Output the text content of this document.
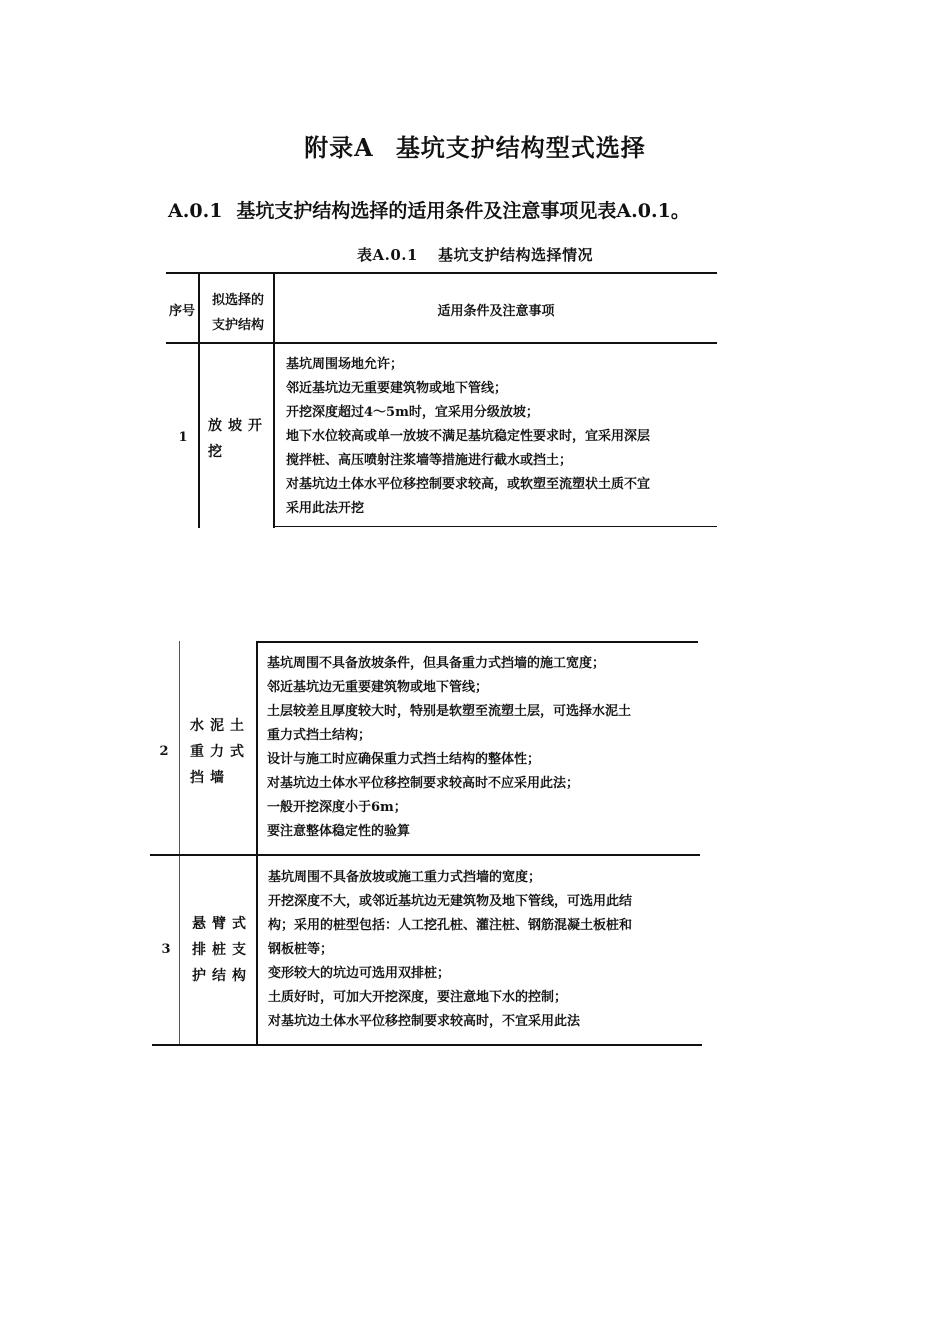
附录A 基坑支护结构型式选择

A.0.1 基坑支护结构选择的适用条件及注意事项见表A.0.1。

表A.0.1 基坑支护结构选择情况

序号
拟选择的
支护结构
适用条件及注意事项
1
放坡开
挖
基坑周围场地允许；
邻近基坑边无重要建筑物或地下管线；
开挖深度超过4～5m时，宜采用分级放坡；
地下水位较高或单一放坡不满足基坑稳定性要求时，宜采用深层
搅拌桩、高压喷射注浆墙等措施进行截水或挡土；
对基坑边土体水平位移控制要求较高，或软塑至流塑状土质不宜
采用此法开挖
2
水泥土
重力式
挡墙
基坑周围不具备放坡条件，但具备重力式挡墙的施工宽度；
邻近基坑边无重要建筑物或地下管线；
土层较差且厚度较大时，特别是软塑至流塑土层，可选择水泥土
重力式挡土结构；
设计与施工时应确保重力式挡土结构的整体性；
对基坑边土体水平位移控制要求较高时不应采用此法；
一般开挖深度小于6m；
要注意整体稳定性的验算
3
悬臂式
排桩支
护结构
基坑周围不具备放坡或施工重力式挡墙的宽度；
开挖深度不大，或邻近基坑边无建筑物及地下管线，可选用此结
构；采用的桩型包括：人工挖孔桩、灌注桩、钢筋混凝土板桩和
钢板桩等；
变形较大的坑边可选用双排桩；
土质好时，可加大开挖深度，要注意地下水的控制；
对基坑边土体水平位移控制要求较高时，不宜采用此法
